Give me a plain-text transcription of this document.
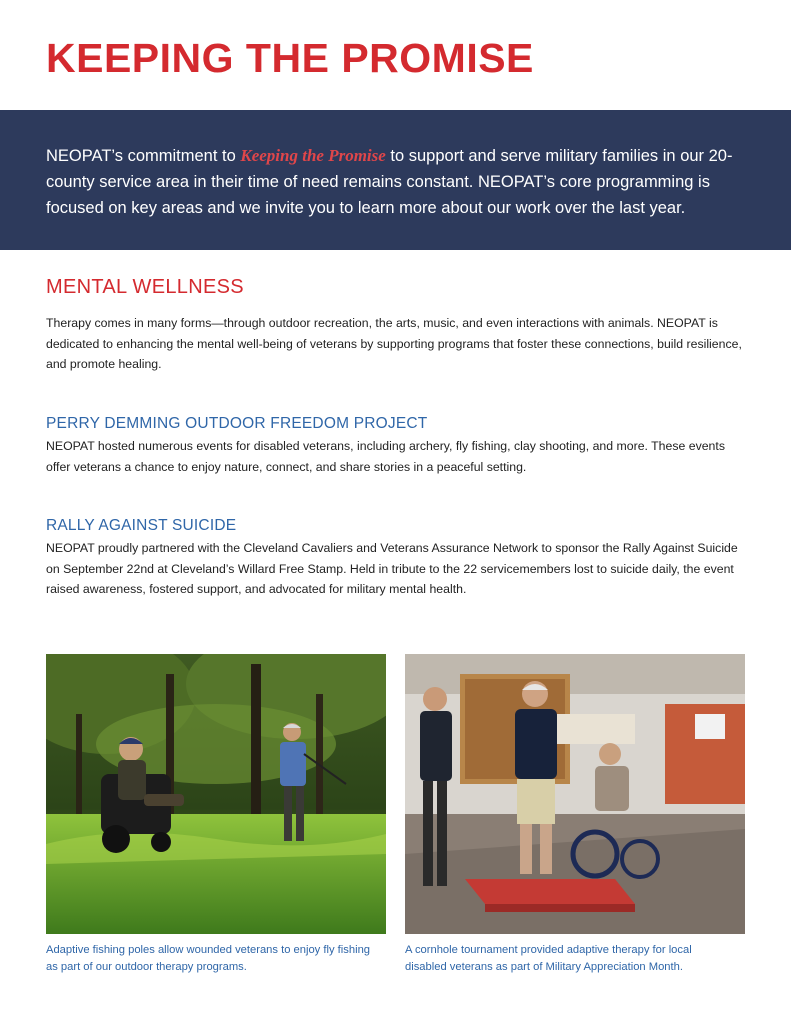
KEEPING THE PROMISE

NEOPAT’s commitment to Keeping the Promise to support and serve military families in our 20-county service area in their time of need remains constant. NEOPAT’s core programming is focused on key areas and we invite you to learn more about our work over the last year.

MENTAL WELLNESS

Therapy comes in many forms—through outdoor recreation, the arts, music, and even interactions with animals. NEOPAT is dedicated to enhancing the mental well-being of veterans by supporting programs that foster these connections, build resilience, and promote healing.

PERRY DEMMING OUTDOOR FREEDOM PROJECT

NEOPAT hosted numerous events for disabled veterans, including archery, fly fishing, clay shooting, and more. These events offer veterans a chance to enjoy nature, connect, and share stories in a peaceful setting.

RALLY AGAINST SUICIDE

NEOPAT proudly partnered with the Cleveland Cavaliers and Veterans Assurance Network to sponsor the Rally Against Suicide on September 22nd at Cleveland’s Willard Free Stamp. Held in tribute to the 22 servicemembers lost to suicide daily, the event raised awareness, fostered support, and advocated for military mental health.

Adaptive fishing poles allow wounded veterans to enjoy fly fishing as part of our outdoor therapy programs.

A cornhole tournament provided adaptive therapy for local disabled veterans as part of Military Appreciation Month.
